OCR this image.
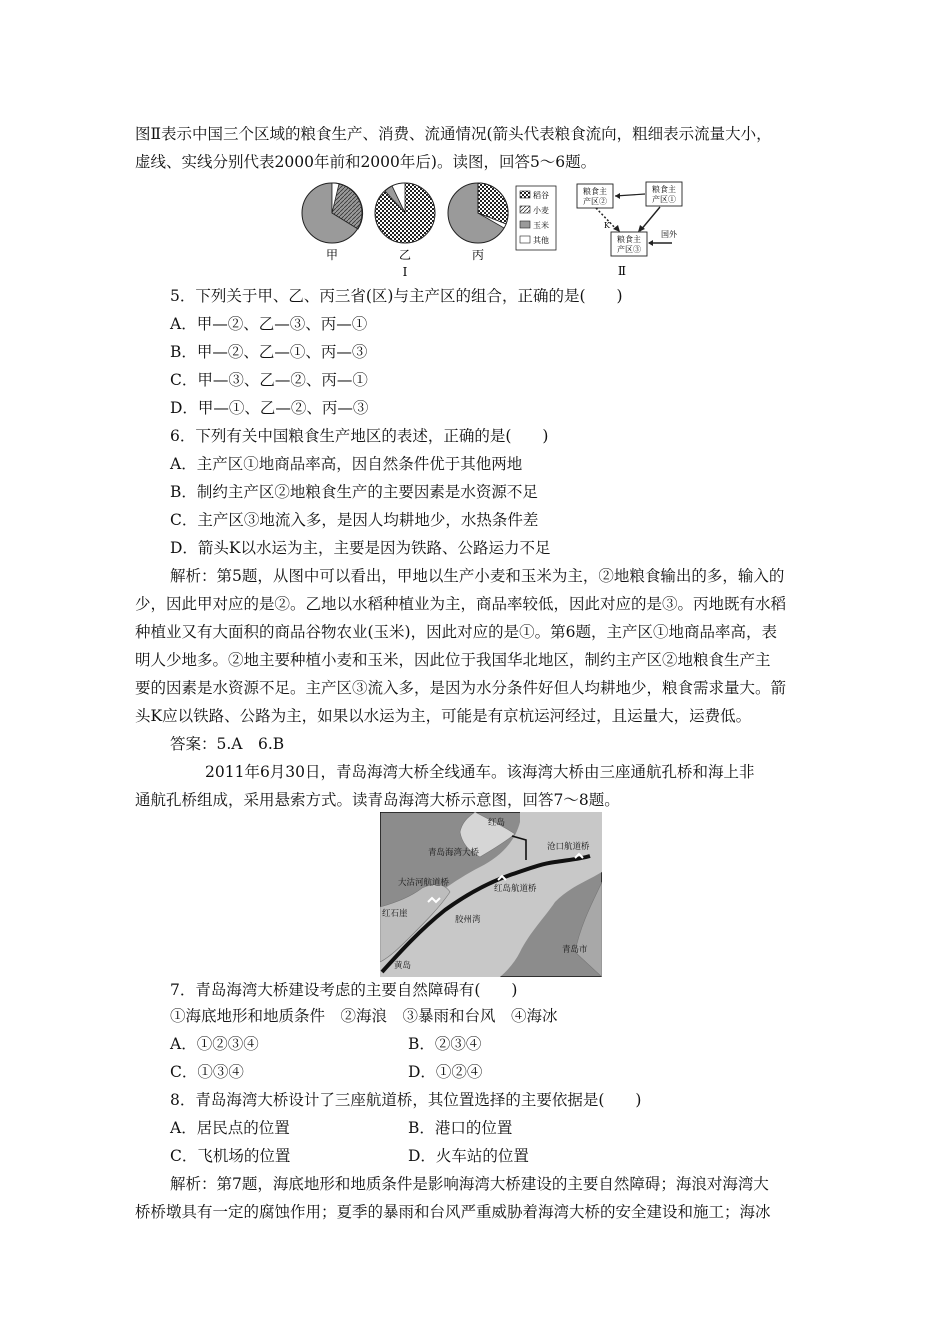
图Ⅱ表示中国三个区域的粮食生产、消费、流通情况(箭头代表粮食流向，粗细表示流量大小，
虚线、实线分别代表2000年前和2000年后)。读图，回答5～6题。
甲	乙	丙
Ⅰ
稻谷
小麦
玉米
其他
粮食主
产区②
粮食主
产区①
粮食主
产区③
K
国外
Ⅱ
5．下列关于甲、乙、丙三省(区)与主产区的组合，正确的是(　　)
A．甲—②、乙—③、丙—①
B．甲—②、乙—①、丙—③
C．甲—③、乙—②、丙—①
D．甲—①、乙—②、丙—③
6．下列有关中国粮食生产地区的表述，正确的是(　　)
A．主产区①地商品率高，因自然条件优于其他两地
B．制约主产区②地粮食生产的主要因素是水资源不足
C．主产区③地流入多，是因人均耕地少，水热条件差
D．箭头K以水运为主，主要是因为铁路、公路运力不足
解析：第5题，从图中可以看出，甲地以生产小麦和玉米为主，②地粮食输出的多，输入的
少，因此甲对应的是②。乙地以水稻种植业为主，商品率较低，因此对应的是③。丙地既有水稻
种植业又有大面积的商品谷物农业(玉米)，因此对应的是①。第6题，主产区①地商品率高，表
明人少地多。②地主要种植小麦和玉米，因此位于我国华北地区，制约主产区②地粮食生产主
要的因素是水资源不足。主产区③流入多，是因为水分条件好但人均耕地少，粮食需求量大。箭
头K应以铁路、公路为主，如果以水运为主，可能是有京杭运河经过，且运量大，运费低。
答案：5.A　6.B
2011年6月30日，青岛海湾大桥全线通车。该海湾大桥由三座通航孔桥和海上非
通航孔桥组成，采用悬索方式。读青岛海湾大桥示意图，回答7～8题。
红岛
青岛海湾大桥
沧口航道桥
大沽河航道桥
红岛航道桥
红石崖
胶州湾
青岛市
黄岛
7．青岛海湾大桥建设考虑的主要自然障碍有(　　)
①海底地形和地质条件　②海浪　③暴雨和台风　④海冰
A．①②③④	B．②③④
C．①③④	D．①②④
8．青岛海湾大桥设计了三座航道桥，其位置选择的主要依据是(　　)
A．居民点的位置	B．港口的位置
C．飞机场的位置	D．火车站的位置
解析：第7题，海底地形和地质条件是影响海湾大桥建设的主要自然障碍；海浪对海湾大
桥桥墩具有一定的腐蚀作用；夏季的暴雨和台风严重威胁着海湾大桥的安全建设和施工；海冰
